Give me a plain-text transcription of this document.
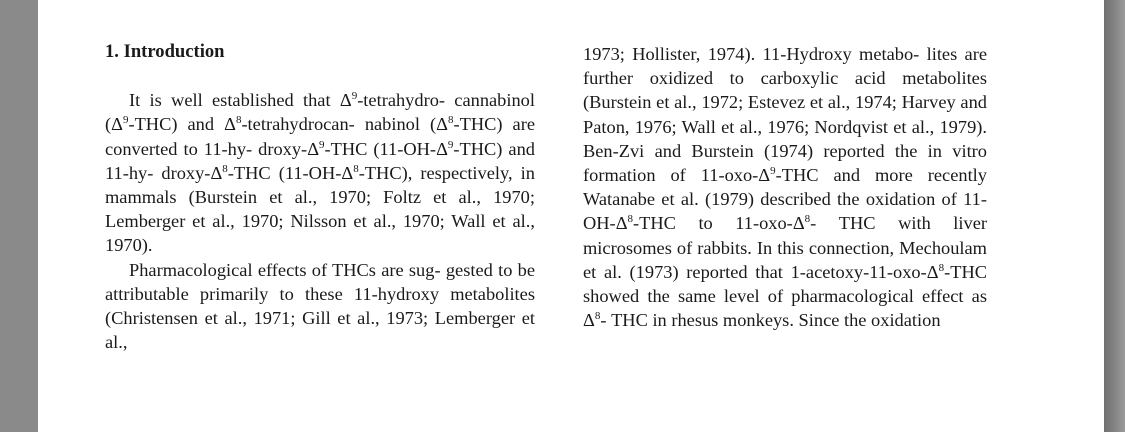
1. Introduction
It is well established that $\Delta^9-tetrahydro-$ cannabinol $(\Delta^9-THC)$ and $\Delta^8-tetrahydrocan-$ nabinol $(\Delta^8-THC)$ are converted to 11-hy- droxy-$\Delta^9$-THC $(11-OH-\Delta^9-THC)$ and 11-hy- droxy-$\Delta^8$-THC $(11-OH-\Delta^8-THC)$, respectively, in mammals (Burstein et al., 1970; Foltz et al., 1970; Lemberger et al., 1970; Nilsson et al., 1970; Wall et al., 1970).
Pharmacological effects of THCs are sug- gested to be attributable primarily to these 11-hydroxy metabolites (Christensen et al., 1971; Gill et al., 1973; Lemberger et al.,
1973; Hollister, 1974). 11-Hydroxy metabo- lites are further oxidized to carboxylic acid metabolites (Burstein et al., 1972; Estevez et al., 1974; Harvey and Paton, 1976; Wall et al., 1976; Nordqvist et al., 1979). Ben-Zvi and Burstein (1974) reported the in vitro formation of $11-oxo-\Delta^9$-THC and more recently Watanabe et al. (1979) described the oxidation of $11-OH-\Delta^8$-THC to $11-oxo-\Delta^8-$ THC with liver microsomes of rabbits. In this connection, Mechoulam et al. (1973) reported that $1-acetoxy-11-oxo-\Delta^8$-THC showed the same level of pharmacological effect as $\Delta^8-$ THC in rhesus monkeys. Since the oxidation
